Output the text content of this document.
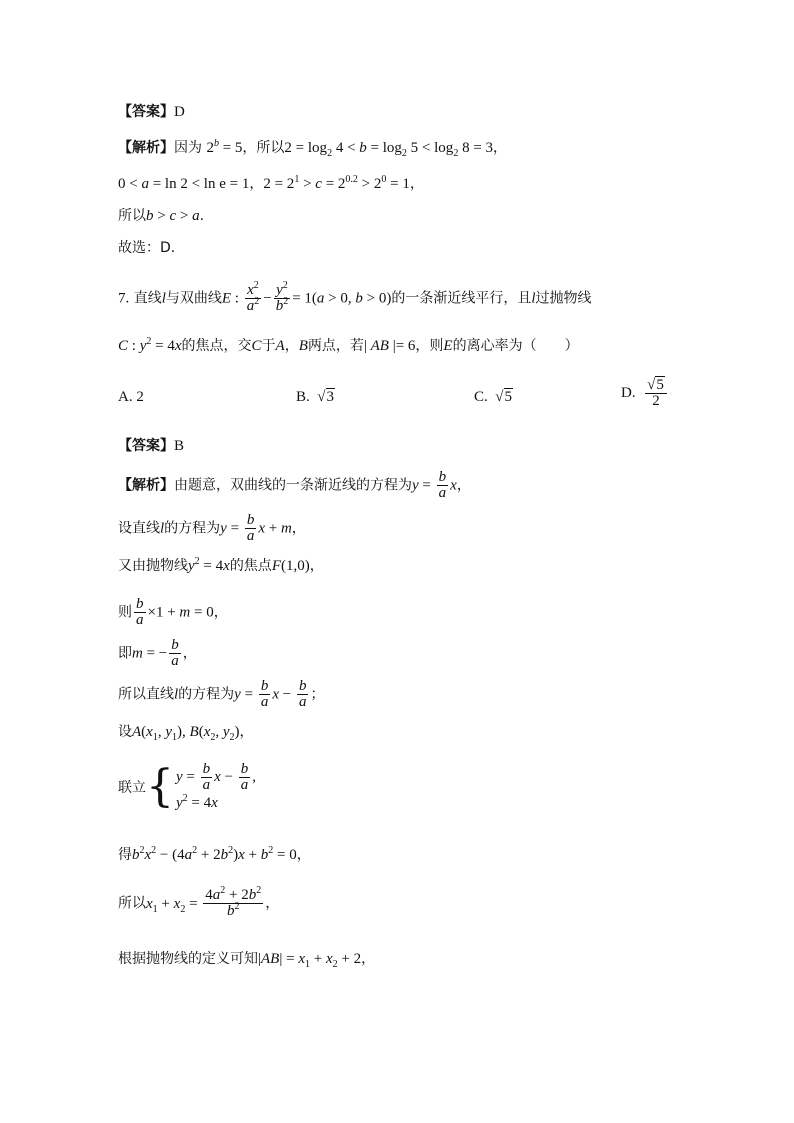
【答案】D
【解析】因为 $2^b = 5$，所以$2 = \log_2 4 < b = \log_2 5 < \log_2 8 = 3$，
0 < a = ln 2 < ln e = 1，$2 = 2^1 > c = 2^{0.2} > 2^0 = 1$，
所以b > c > a.
故选：D.
7. 直线l与双曲线E : $\frac{x^2}{a^2} - \frac{y^2}{b^2} = 1(a > 0$, b > 0)的一条渐近线平行，且l过抛物线
C : $y^2 = 4x$的焦点，交C于A，B两点，若| AB |= 6，则E的离心率为（　　）
A. 2	B.  √3	C.  √5	D. $\frac{√5}{2}$
【答案】B
【解析】由题意，双曲线的一条渐近线的方程为$y = \frac{b}{a}$ x，
设直线l的方程为$y = \frac{b}{a}$ x + m，
又由抛物线$y^2 = 4x$的焦点F(1,0)，
则 $\frac{b}{a} \times 1 + m = 0$，
即m = − $\frac{b}{a}$ ，
所以直线l的方程为$y = \frac{b}{a}$ $x - \frac{b}{a}$ ；
设$A(x_1$, $y_1$), $B(x_2$, $y_2$)，
联立 { $y = \frac{b}{a}$ $x - \frac{b}{a}$ ,
$y^2 = 4x$
得$b^2x^2 - (4a^2 + 2b^2)x + b^2 = 0$，
所以$x_1 + x_2 = \frac{4a^2 + 2b^2}{b^2}$ ，
根据抛物线的定义可知$|AB| = x_1 + x_2 + 2$，
